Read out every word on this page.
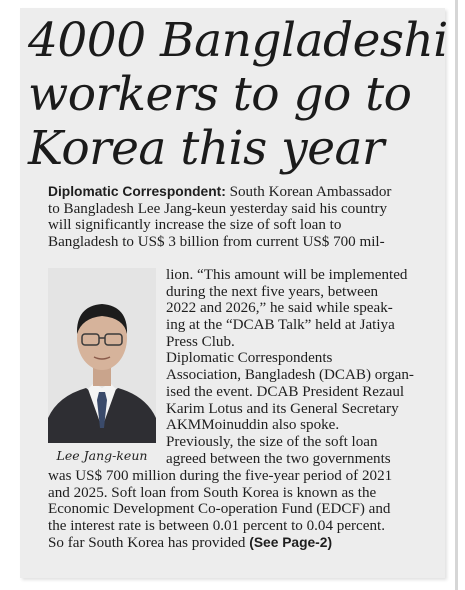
4000 Bangladeshi
workers to go to
Korea this year
Diplomatic Correspondent: South Korean Ambassador
to Bangladesh Lee Jang-keun yesterday said his country
will significantly increase the size of soft loan to
Bangladesh to US$ 3 billion from current US$ 700 mil-
Lee Jang-keun
lion. “This amount will be implemented
during the next five years, between
2022 and 2026,” he said while speak-
ing at the “DCAB Talk” held at Jatiya
Press Club.
Diplomatic Correspondents
Association, Bangladesh (DCAB) organ-
ised the event. DCAB President Rezaul
Karim Lotus and its General Secretary
AKMMoinuddin also spoke.
Previously, the size of the soft loan
agreed between the two governments
was US$ 700 million during the five-year period of 2021
and 2025. Soft loan from South Korea is known as the
Economic Development Co-operation Fund (EDCF) and
the interest rate is between 0.01 percent to 0.04 percent.
So far South Korea has provided (See Page-2)
